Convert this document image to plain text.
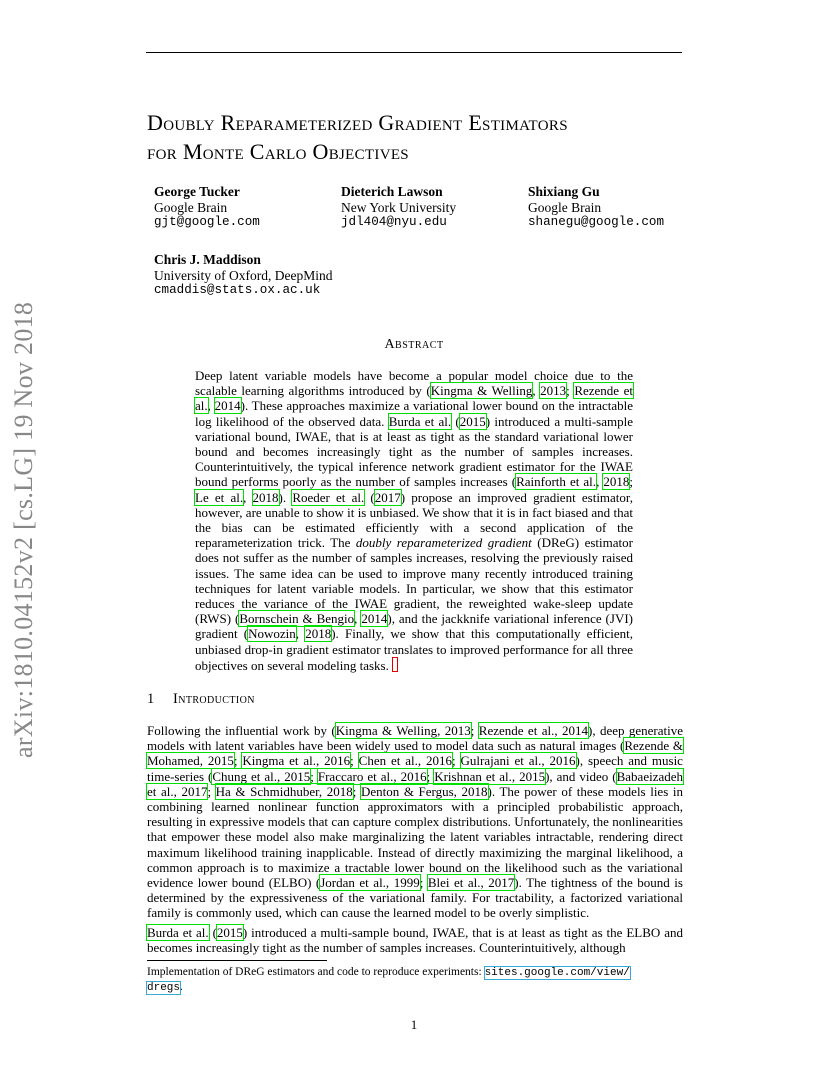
arXiv:1810.04152v2 [cs.LG] 19 Nov 2018
Doubly Reparameterized Gradient Estimators
for Monte Carlo Objectives
George Tucker
Google Brain
gjt@google.com
Dieterich Lawson
New York University
jdl404@nyu.edu
Shixiang Gu
Google Brain
shanegu@google.com
Chris J. Maddison
University of Oxford, DeepMind
cmaddis@stats.ox.ac.uk
Abstract

Deep latent variable models have become a popular model choice due to the scalable learning algorithms introduced by (Kingma & Welling, 2013; Rezende et al., 2014). These approaches maximize a variational lower bound on the intractable log likelihood of the observed data. Burda et al. (2015) introduced a multi-sample variational bound, IWAE, that is at least as tight as the standard variational lower bound and becomes increasingly tight as the number of samples increases. Counterintuitively, the typical inference network gradient estimator for the IWAE bound performs poorly as the number of samples increases (Rainforth et al., 2018; Le et al., 2018). Roeder et al. (2017) propose an improved gradient estimator, however, are unable to show it is unbiased. We show that it is in fact biased and that the bias can be estimated efficiently with a second application of the reparameterization trick. The doubly reparameterized gradient (DReG) estimator does not suffer as the number of samples increases, resolving the previously raised issues. The same idea can be used to improve many recently introduced training techniques for latent variable models. In particular, we show that this estimator reduces the variance of the IWAE gradient, the reweighted wake-sleep update (RWS) (Bornschein & Bengio, 2014), and the jackknife variational inference (JVI) gradient (Nowozin, 2018). Finally, we show that this computationally efficient, unbiased drop-in gradient estimator translates to improved performance for all three objectives on several modeling tasks.

1 Introduction

Following the influential work by (Kingma & Welling, 2013; Rezende et al., 2014), deep generative models with latent variables have been widely used to model data such as natural images (Rezende & Mohamed, 2015; Kingma et al., 2016; Chen et al., 2016; Gulrajani et al., 2016), speech and music time-series (Chung et al., 2015; Fraccaro et al., 2016; Krishnan et al., 2015), and video (Babaeizadeh et al., 2017; Ha & Schmidhuber, 2018; Denton & Fergus, 2018). The power of these models lies in combining learned nonlinear function approximators with a principled probabilistic approach, resulting in expressive models that can capture complex distributions. Unfortunately, the nonlinearities that empower these model also make marginalizing the latent variables intractable, rendering direct maximum likelihood training inapplicable. Instead of directly maximizing the marginal likelihood, a common approach is to maximize a tractable lower bound on the likelihood such as the variational evidence lower bound (ELBO) (Jordan et al., 1999; Blei et al., 2017). The tightness of the bound is determined by the expressiveness of the variational family. For tractability, a factorized variational family is commonly used, which can cause the learned model to be overly simplistic.

Burda et al. (2015) introduced a multi-sample bound, IWAE, that is at least as tight as the ELBO and becomes increasingly tight as the number of samples increases. Counterintuitively, although

Implementation of DReG estimators and code to reproduce experiments: sites.google.com/view/
dregs.
1
